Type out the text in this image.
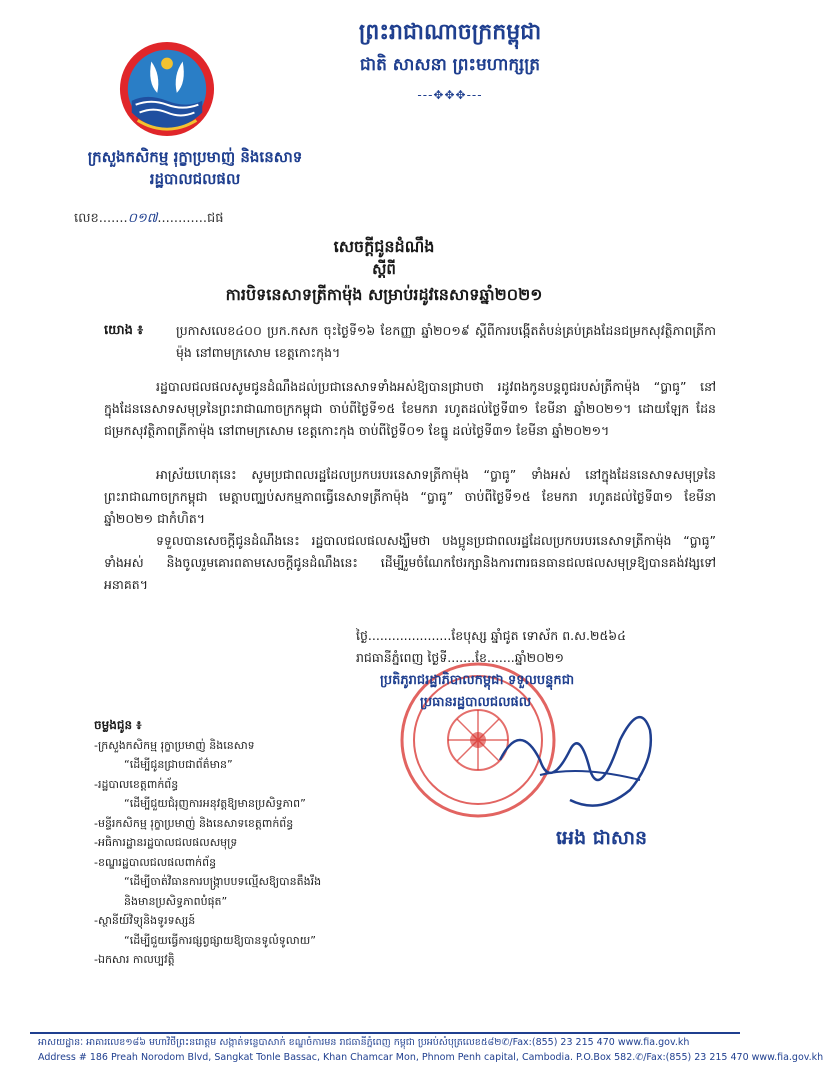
ព្រះរាជាណាចក្រកម្ពុជា
ជាតិ សាសនា ព្រះមហាក្សត្រ
---✥✥✥---
ក្រសួងកសិកម្ម រុក្ខាប្រមាញ់ និងនេសាទ
រដ្ឋបាលជលផល
លេខ.......០១៧............ជផ
សេចក្តីជូនដំណឹង
ស្តីពី
ការបិទនេសាទត្រីកាម៉ុង សម្រាប់រដូវនេសាទឆ្នាំ២០២១
យោង ៖	ប្រកាសលេខ៤០០ ប្រក.កសក ចុះថ្ងៃទី១៦ ខែកញ្ញា ឆ្នាំ២០១៩ ស្តីពីការបង្កើតតំបន់គ្រប់គ្រងដែនជម្រកសុវត្ថិភាពត្រីកាម៉ុង នៅពាមក្រសោម ខេត្តកោះកុង។
រដ្ឋបាលជលផលសូមជូនដំណឹងដល់ប្រជានេសាទទាំងអស់ឱ្យបានជ្រាបថា រដូវពងកូនបន្តពូជរបស់ត្រីកាម៉ុង “ប្លាធូ” នៅក្នុងដែននេសាទសមុទ្រនៃព្រះរាជាណាចក្រកម្ពុជា ចាប់ពីថ្ងៃទី១៥ ខែមករា រហូតដល់ថ្ងៃទី៣១ ខែមីនា ឆ្នាំ២០២១។ ដោយឡែក ដែនជម្រកសុវត្ថិភាពត្រីកាម៉ុង នៅពាមក្រសោម ខេត្តកោះកុង ចាប់ពីថ្ងៃទី០១ ខែធ្នូ ដល់ថ្ងៃទី៣១ ខែមីនា ឆ្នាំ២០២១។
អាស្រ័យហេតុនេះ សូមប្រជាពលរដ្ឋដែលប្រកបរបរនេសាទត្រីកាម៉ុង “ប្លាធូ” ទាំងអស់ នៅក្នុងដែននេសាទសមុទ្រនៃព្រះរាជាណាចក្រកម្ពុជា មេត្តាបញ្ឈប់សកម្មភាពធ្វើនេសាទត្រីកាម៉ុង “ប្លាធូ” ចាប់ពីថ្ងៃទី១៥ ខែមករា រហូតដល់ថ្ងៃទី៣១ ខែមីនា ឆ្នាំ២០២១ ជាកំហិត។
ទទួលបានសេចក្តីជូនដំណឹងនេះ រដ្ឋបាលជលផលសង្ឃឹមថា បងប្អូនប្រជាពលរដ្ឋដែលប្រកបរបរនេសាទត្រីកាម៉ុង “ប្លាធូ” ទាំងអស់ និងចូលរួមគោរពតាមសេចក្តីជូនដំណឹងនេះ ដើម្បីរួមចំណែកថែរក្សានិងការពារធនធានជលផលសមុទ្រឱ្យបានគង់វង្សទៅអនាគត។
ថ្ងៃ.....................ខែបុស្ស ឆ្នាំជូត ទោស័ក ព.ស.២៥៦៤
រាជធានីភ្នំពេញ ថ្ងៃទី.......ខែ.......ឆ្នាំ២០២១
ប្រតិភូរាជរដ្ឋាភិបាលកម្ពុជា ទទួលបន្ទុកជា
ប្រធានរដ្ឋបាលជលផល
អេង ជាសាន
ចម្លងជូន ៖
-ក្រសួងកសិកម្ម រុក្ខាប្រមាញ់ និងនេសាទ
“ដើម្បីជូនជ្រាបជាព័ត៌មាន”
-រដ្ឋបាលខេត្តពាក់ព័ន្ធ
“ដើម្បីជួយជំរុញការអនុវត្តឱ្យមានប្រសិទ្ធភាព”
-មន្ទីរកសិកម្ម រុក្ខាប្រមាញ់ និងនេសាទខេត្តពាក់ព័ន្ធ
-អធិការដ្ឋានរដ្ឋបាលជលផលសមុទ្រ
-ខណ្ឌរដ្ឋបាលជលផលពាក់ព័ន្ធ
“ដើម្បីចាត់វិធានការបង្ក្រាបបទល្មើសឱ្យបានតឹងរឹង
និងមានប្រសិទ្ធភាពបំផុត”
-ស្ថានីយ៍វិទ្យុនិងទូរទស្សន៍
“ដើម្បីជួយធ្វើការផ្សព្វផ្សាយឱ្យបានទូលំទូលាយ”
-ឯកសារ កាលប្បវត្តិ
អាសយដ្ឋានៈ អាគារលេខ១៨៦ មហាវិថីព្រះនរោត្តម សង្កាត់ទន្លេបាសាក់ ខណ្ឌចំការមន រាជធានីភ្នំពេញ កម្ពុជា ប្រអប់សំបុត្រលេខ៥៨២✆/Fax:(855) 23 215 470 www.fia.gov.kh
Address # 186 Preah Norodom Blvd, Sangkat Tonle Bassac, Khan Chamcar Mon, Phnom Penh capital, Cambodia. P.O.Box 582.✆/Fax:(855) 23 215 470 www.fia.gov.kh
